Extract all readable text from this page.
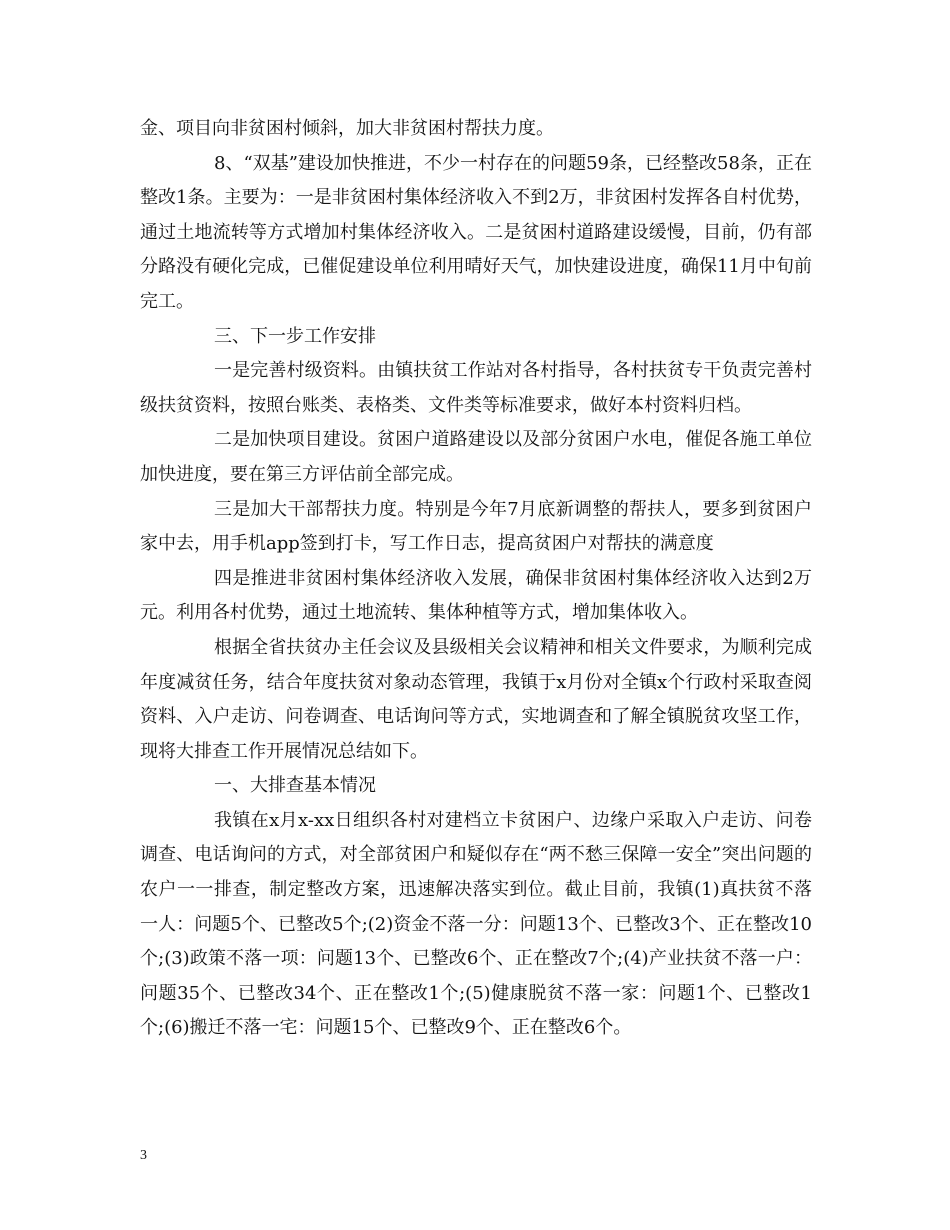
金、项目向非贫困村倾斜，加大非贫困村帮扶力度。

8、“双基”建设加快推进，不少一村存在的问题59条，已经整改58条，正在整改1条。主要为：一是非贫困村集体经济收入不到2万，非贫困村发挥各自村优势，通过土地流转等方式增加村集体经济收入。二是贫困村道路建设缓慢，目前，仍有部分路没有硬化完成，已催促建设单位利用晴好天气，加快建设进度，确保11月中旬前完工。

三、下一步工作安排

一是完善村级资料。由镇扶贫工作站对各村指导，各村扶贫专干负责完善村级扶贫资料，按照台账类、表格类、文件类等标准要求，做好本村资料归档。

二是加快项目建设。贫困户道路建设以及部分贫困户水电，催促各施工单位加快进度，要在第三方评估前全部完成。

三是加大干部帮扶力度。特别是今年7月底新调整的帮扶人，要多到贫困户家中去，用手机app签到打卡，写工作日志，提高贫困户对帮扶的满意度

四是推进非贫困村集体经济收入发展，确保非贫困村集体经济收入达到2万元。利用各村优势，通过土地流转、集体种植等方式，增加集体收入。

根据全省扶贫办主任会议及县级相关会议精神和相关文件要求，为顺利完成年度减贫任务，结合年度扶贫对象动态管理，我镇于x月份对全镇x个行政村采取查阅资料、入户走访、问卷调查、电话询问等方式，实地调查和了解全镇脱贫攻坚工作，现将大排查工作开展情况总结如下。

一、大排查基本情况

我镇在x月x-xx日组织各村对建档立卡贫困户、边缘户采取入户走访、问卷调查、电话询问的方式，对全部贫困户和疑似存在“两不愁三保障一安全”突出问题的农户一一排查，制定整改方案，迅速解决落实到位。截止目前，我镇(1)真扶贫不落一人：问题5个、已整改5个;(2)资金不落一分：问题13个、已整改3个、正在整改10个;(3)政策不落一项：问题13个、已整改6个、正在整改7个;(4)产业扶贫不落一户：问题35个、已整改34个、正在整改1个;(5)健康脱贫不落一家：问题1个、已整改1个;(6)搬迁不落一宅：问题15个、已整改9个、正在整改6个。

3
